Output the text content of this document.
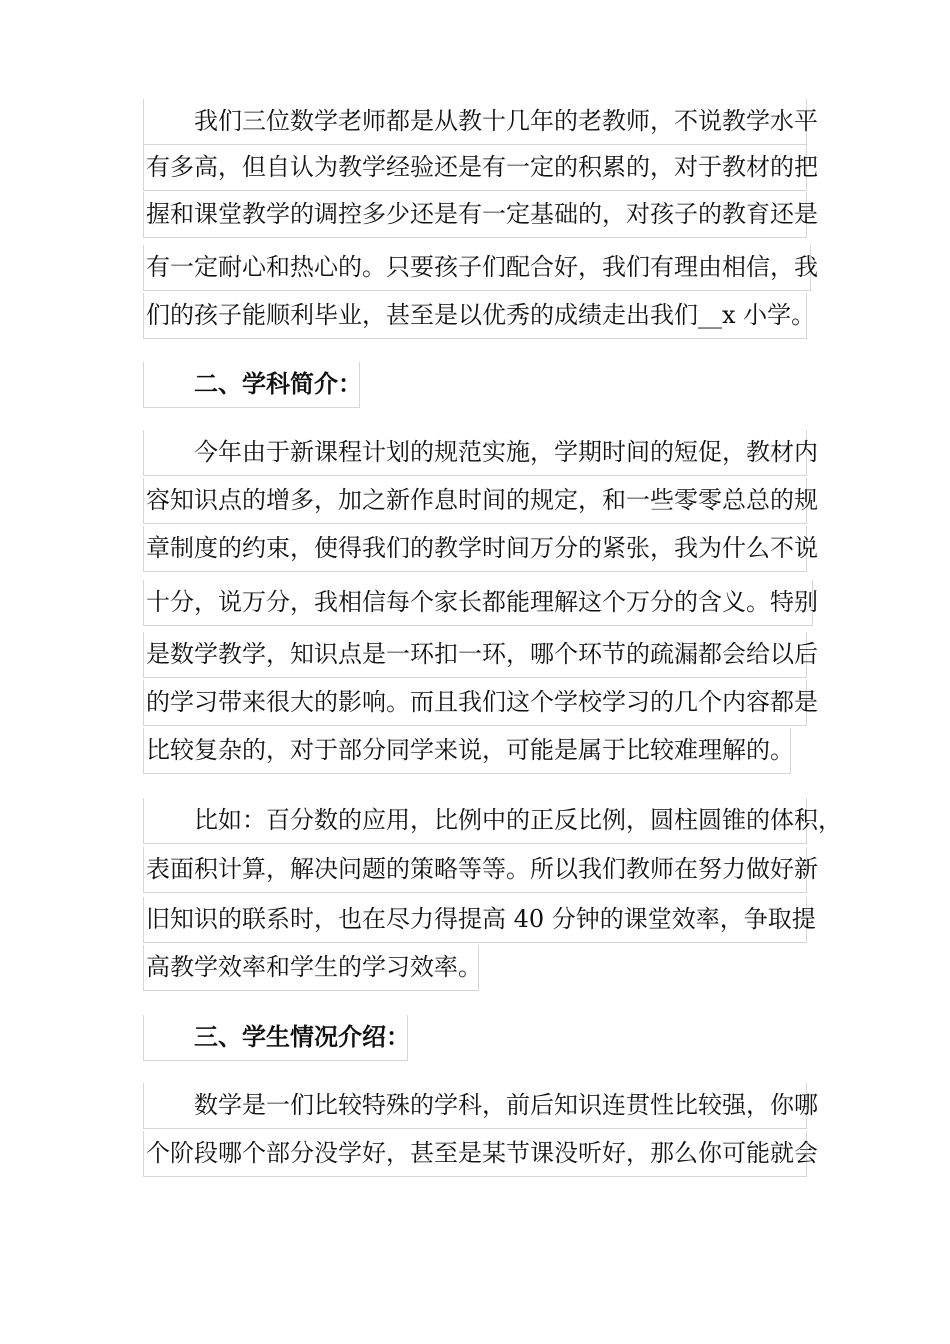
我们三位数学老师都是从教十几年的老教师，不说教学水平
有多高，但自认为教学经验还是有一定的积累的，对于教材的把
握和课堂教学的调控多少还是有一定基础的，对孩子的教育还是
有一定耐心和热心的。只要孩子们配合好，我们有理由相信，我
们的孩子能顺利毕业，甚至是以优秀的成绩走出我们__x 小学。
二、学科简介：
今年由于新课程计划的规范实施，学期时间的短促，教材内
容知识点的增多，加之新作息时间的规定，和一些零零总总的规
章制度的约束，使得我们的教学时间万分的紧张，我为什么不说
十分，说万分，我相信每个家长都能理解这个万分的含义。特别
是数学教学，知识点是一环扣一环，哪个环节的疏漏都会给以后
的学习带来很大的影响。而且我们这个学校学习的几个内容都是
比较复杂的，对于部分同学来说，可能是属于比较难理解的。
比如：百分数的应用，比例中的正反比例，圆柱圆锥的体积，
表面积计算，解决问题的策略等等。所以我们教师在努力做好新
旧知识的联系时，也在尽力得提高 40 分钟的课堂效率，争取提
高教学效率和学生的学习效率。
三、学生情况介绍：
数学是一们比较特殊的学科，前后知识连贯性比较强，你哪
个阶段哪个部分没学好，甚至是某节课没听好，那么你可能就会
